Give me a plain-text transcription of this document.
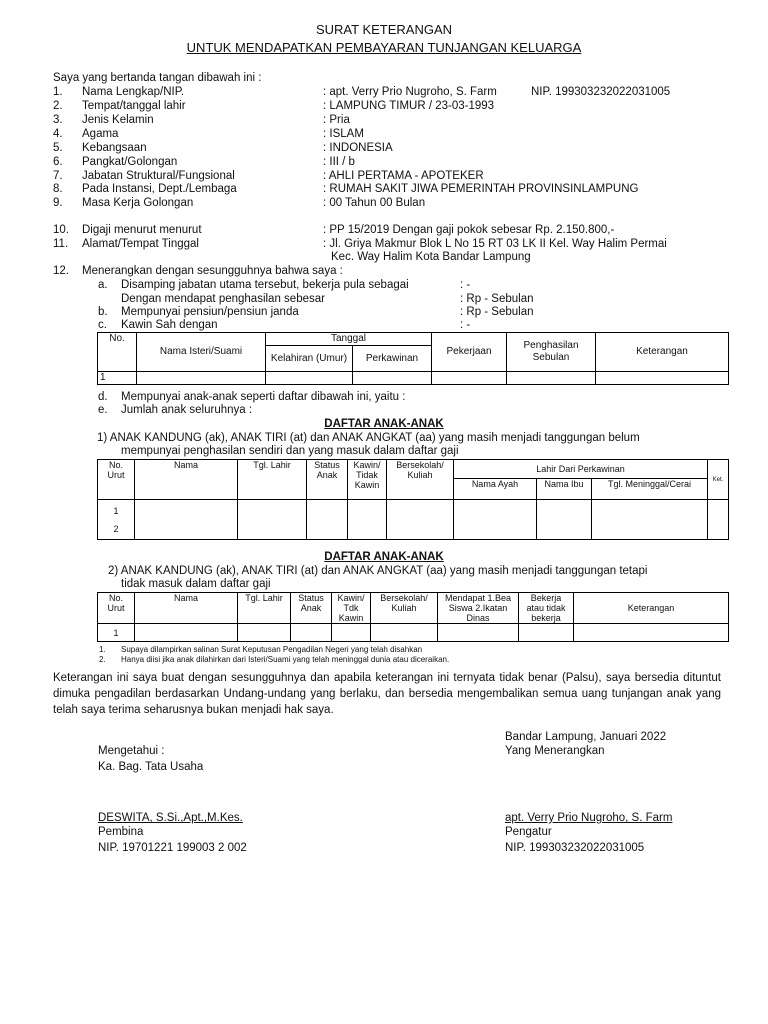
SURAT KETERANGAN
UNTUK MENDAPATKAN PEMBAYARAN TUNJANGAN KELUARGA
Saya yang bertanda tangan dibawah ini :
1. Nama Lengkap/NIP.	: apt. Verry Prio Nugroho, S. Farm	NIP. 199303232022031005
2. Tempat/tanggal lahir	: LAMPUNG TIMUR / 23-03-1993
3. Jenis Kelamin	: Pria
4. Agama	: ISLAM
5. Kebangsaan	: INDONESIA
6. Pangkat/Golongan	: III / b
7. Jabatan Struktural/Fungsional	: AHLI PERTAMA - APOTEKER
8. Pada Instansi, Dept./Lembaga	: RUMAH SAKIT JIWA PEMERINTAH PROVINSINLAMPUNG
9. Masa Kerja Golongan	: 00 Tahun 00 Bulan
10. Digaji menurut menurut	: PP 15/2019 Dengan gaji pokok sebesar Rp. 2.150.800,-
11. Alamat/Tempat Tinggal	: Jl. Griya Makmur Blok L No 15 RT 03 LK II Kel. Way Halim Permai
Kec. Way Halim Kota Bandar Lampung
12. Menerangkan dengan sesungguhnya bahwa saya :
a. Disamping jabatan utama tersebut, bekerja pula sebagai	: -
Dengan mendapat penghasilan sebesar	: Rp - Sebulan
b. Mempunyai pensiun/pensiun janda	: Rp - Sebulan
c. Kawin Sah dengan	: -
No.	Nama Isteri/Suami	Tanggal		Pekerjaan	Penghasilan Sebulan	Keterangan
		Kelahiran (Umur)	Perkawinan			
1						
d. Mempunyai anak-anak seperti daftar dibawah ini, yaitu :
e. Jumlah anak seluruhnya :
DAFTAR ANAK-ANAK
1) ANAK KANDUNG (ak), ANAK TIRI (at) dan ANAK ANGKAT (aa) yang masih menjadi tanggungan belum
mempunyai penghasilan sendiri dan yang masuk dalam daftar gaji
No. Urut	Nama	Tgl. Lahir	Status Anak	Kawin/ Tidak Kawin	Bersekolah/ Kuliah	Lahir Dari Perkawinan			Ket.
						Nama Ayah	Nama Ibu	Tgl. Meninggal/Cerai	
1
2									
DAFTAR ANAK-ANAK
2) ANAK KANDUNG (ak), ANAK TIRI (at) dan ANAK ANGKAT (aa) yang masih menjadi tanggungan tetapi
tidak masuk dalam daftar gaji
No. Urut	Nama	Tgl. Lahir	Status Anak	Kawin/ Tdk Kawin	Bersekolah/ Kuliah	Mendapat 1.Bea Siswa 2.Ikatan Dinas	Bekerja atau tidak bekerja	Keterangan
1								
1. Supaya dilampirkan salinan Surat Keputusan Pengadilan Negeri yang telah disahkan
2. Hanya diisi jika anak dilahirkan dari Isteri/Suami yang telah meninggal dunia atau diceraikan.
Keterangan ini saya buat dengan sesungguhnya dan apabila keterangan ini ternyata tidak benar (Palsu), saya bersedia dituntut dimuka pengadilan berdasarkan Undang-undang yang berlaku, dan bersedia mengembalikan semua uang tunjangan anak yang telah saya terima seharusnya bukan menjadi hak saya.
Bandar Lampung, Januari 2022
Yang Menerangkan
Mengetahui :
Ka. Bag. Tata Usaha
DESWITA, S.Si.,Apt.,M.Kes.
Pembina
NIP. 19701221 199003 2 002
apt. Verry Prio Nugroho, S. Farm
Pengatur
NIP. 199303232022031005
